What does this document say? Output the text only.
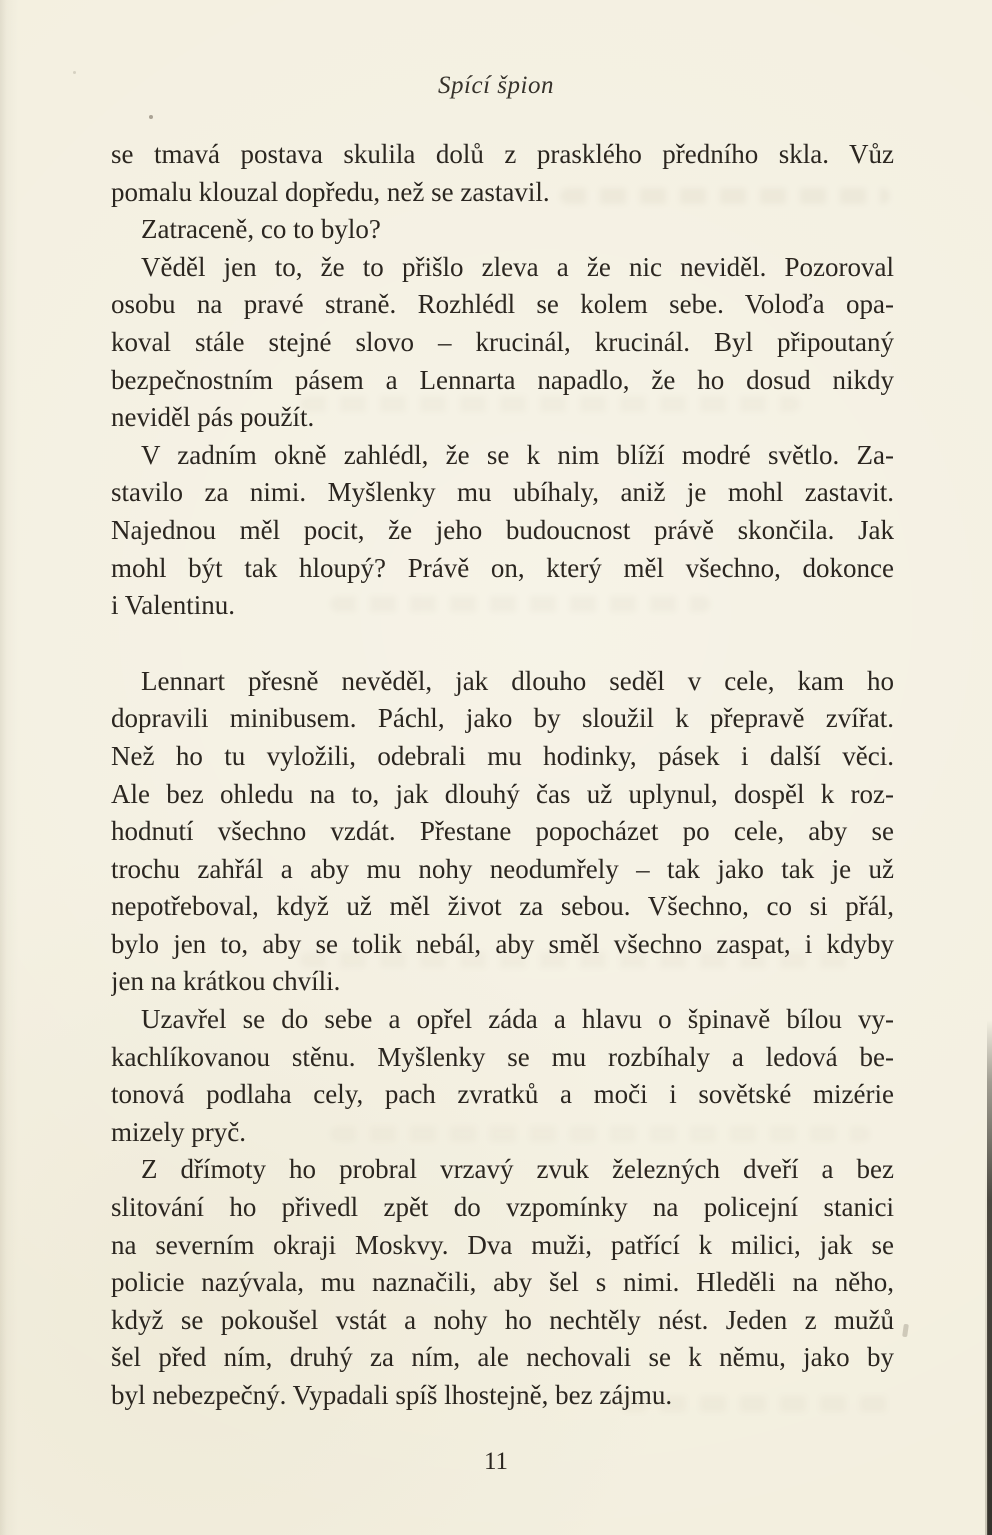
Spící špion
se tmavá postava skulila dolů z prasklého předního skla. Vůz
pomalu klouzal dopředu, než se zastavil.
Zatraceně, co to bylo?
Věděl jen to, že to přišlo zleva a že nic neviděl. Pozoroval
osobu na pravé straně. Rozhlédl se kolem sebe. Voloďa opa-
koval stále stejné slovo – krucinál, krucinál. Byl připoutaný
bezpečnostním pásem a Lennarta napadlo, že ho dosud nikdy
neviděl pás použít.
V zadním okně zahlédl, že se k nim blíží modré světlo. Za-
stavilo za nimi. Myšlenky mu ubíhaly, aniž je mohl zastavit.
Najednou měl pocit, že jeho budoucnost právě skončila. Jak
mohl být tak hloupý? Právě on, který měl všechno, dokonce
i Valentinu.
Lennart přesně nevěděl, jak dlouho seděl v cele, kam ho
dopravili minibusem. Páchl, jako by sloužil k přepravě zvířat.
Než ho tu vyložili, odebrali mu hodinky, pásek i další věci.
Ale bez ohledu na to, jak dlouhý čas už uplynul, dospěl k roz-
hodnutí všechno vzdát. Přestane popocházet po cele, aby se
trochu zahřál a aby mu nohy neodumřely – tak jako tak je už
nepotřeboval, když už měl život za sebou. Všechno, co si přál,
bylo jen to, aby se tolik nebál, aby směl všechno zaspat, i kdyby
jen na krátkou chvíli.
Uzavřel se do sebe a opřel záda a hlavu o špinavě bílou vy-
kachlíkovanou stěnu. Myšlenky se mu rozbíhaly a ledová be-
tonová podlaha cely, pach zvratků a moči i sovětské mizérie
mizely pryč.
Z dřímoty ho probral vrzavý zvuk železných dveří a bez
slitování ho přivedl zpět do vzpomínky na policejní stanici
na severním okraji Moskvy. Dva muži, patřící k milici, jak se
policie nazývala, mu naznačili, aby šel s nimi. Hleděli na něho,
když se pokoušel vstát a nohy ho nechtěly nést. Jeden z mužů
šel před ním, druhý za ním, ale nechovali se k němu, jako by
byl nebezpečný. Vypadali spíš lhostejně, bez zájmu.
11
